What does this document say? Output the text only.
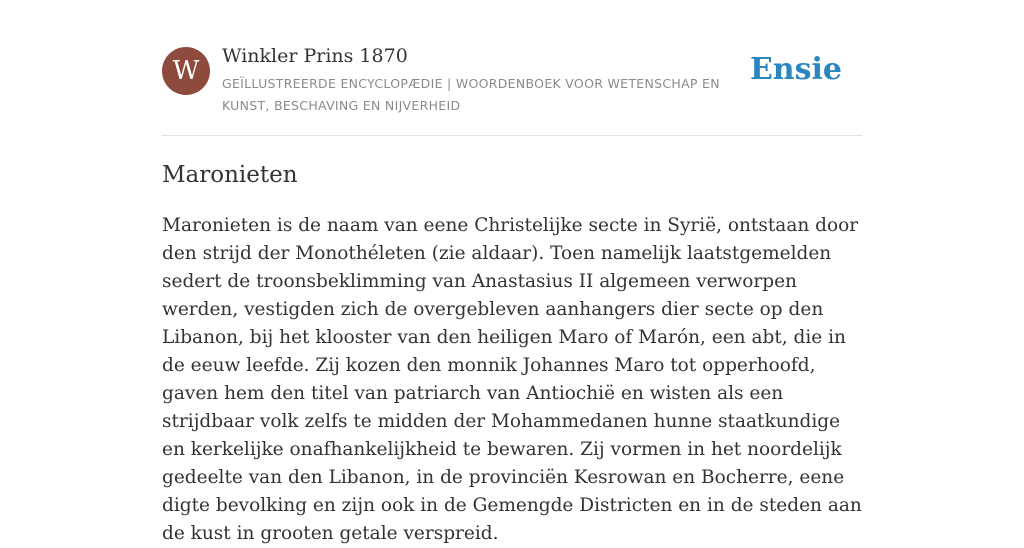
W	Winkler Prins 1870
GEÏLLUSTREERDE ENCYCLOPÆDIE | WOORDENBOEK VOOR WETENSCHAP EN KUNST, BESCHAVING EN NIJVERHEID
Ensie
Maronieten

Maronieten is de naam van eene Christelijke secte in Syrië, ontstaan door den strijd der Monothéleten (zie aldaar). Toen namelijk laatstgemelden sedert de troonsbeklimming van Anastasius II algemeen verworpen werden, vestigden zich de overgebleven aanhangers dier secte op den Libanon, bij het klooster van den heiligen Maro of Marón, een abt, die in de eeuw leefde. Zij kozen den monnik Johannes Maro tot opperhoofd, gaven hem den titel van patriarch van Antiochië en wisten als een strijdbaar volk zelfs te midden der Mohammedanen hunne staatkundige en kerkelijke onafhankelijkheid te bewaren. Zij vormen in het noordelijk gedeelte van den Libanon, in de provinciën Kesrowan en Bocherre, eene digte bevolking en zijn ook in de Gemengde Districten en in de steden aan de kust in grooten getale verspreid.
